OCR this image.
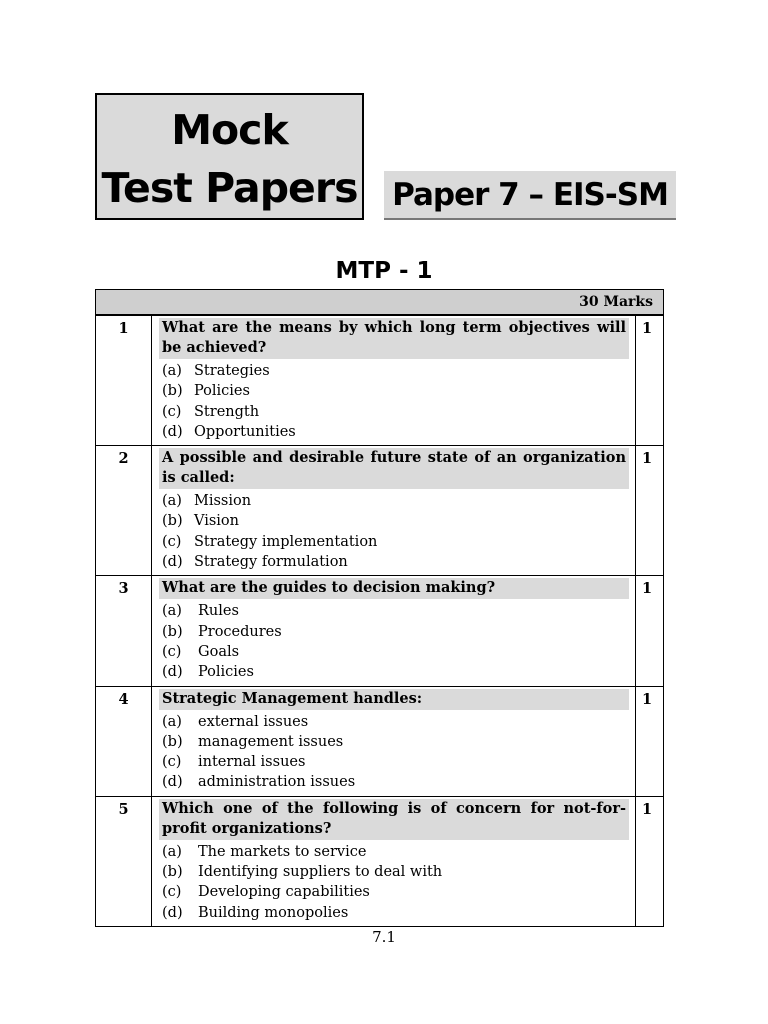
Mock
Test Papers Paper 7 – EIS-SM
MTP - 1
30 Marks
1	What are the means by which long term objectives will be achieved?
(a) Strategies
(b) Policies
(c) Strength
(d) Opportunities	1
2	A possible and desirable future state of an organization is called:
(a) Mission
(b) Vision
(c) Strategy implementation
(d) Strategy formulation	1
3	What are the guides to decision making?
(a) Rules
(b) Procedures
(c) Goals
(d) Policies	1
4	Strategic Management handles:
(a) external issues
(b) management issues
(c) internal issues
(d) administration issues	1
5	Which one of the following is of concern for not-for-profit organizations?
(a) The markets to service
(b) Identifying suppliers to deal with
(c) Developing capabilities
(d) Building monopolies	1
7.1
